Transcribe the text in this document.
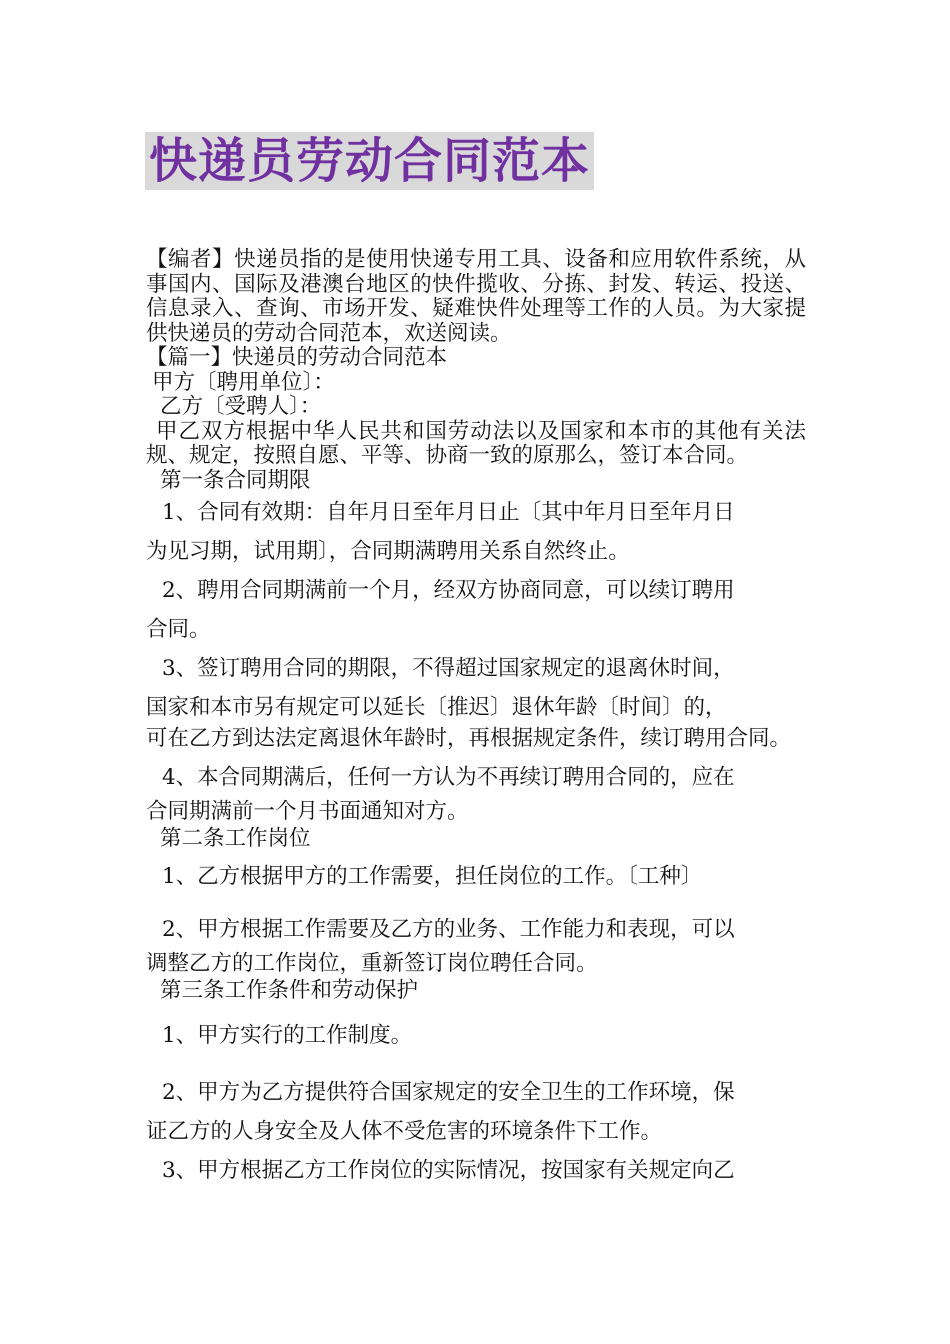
快递员劳动合同范本

【编者】快递员指的是使用快递专用工具、设备和应用软件系统，从事国内、国际及港澳台地区的快件揽收、分拣、封发、转运、投送、信息录入、查询、市场开发、疑难快件处理等工作的人员。为大家提供快递员的劳动合同范本，欢送阅读。

【篇一】快递员的劳动合同范本

甲方〔聘用单位〕：

乙方〔受聘人〕：

甲乙双方根据中华人民共和国劳动法以及国家和本市的其他有关法规、规定，按照自愿、平等、协商一致的原那么，签订本合同。

第一条合同期限

1、合同有效期：自年月日至年月日止〔其中年月日至年月日
为见习期，试用期〕，合同期满聘用关系自然终止。
2、聘用合同期满前一个月，经双方协商同意，可以续订聘用
合同。
3、签订聘用合同的期限，不得超过国家规定的退离休时间，
国家和本市另有规定可以延长〔推迟〕退休年龄〔时间〕的，
可在乙方到达法定离退休年龄时，再根据规定条件，续订聘用合同。
4、本合同期满后，任何一方认为不再续订聘用合同的，应在
合同期满前一个月书面通知对方。

第二条工作岗位

1、乙方根据甲方的工作需要，担任岗位的工作。〔工种〕
2、甲方根据工作需要及乙方的业务、工作能力和表现，可以
调整乙方的工作岗位，重新签订岗位聘任合同。

第三条工作条件和劳动保护

1、甲方实行的工作制度。
2、甲方为乙方提供符合国家规定的安全卫生的工作环境，保
证乙方的人身安全及人体不受危害的环境条件下工作。
3、甲方根据乙方工作岗位的实际情况，按国家有关规定向乙
